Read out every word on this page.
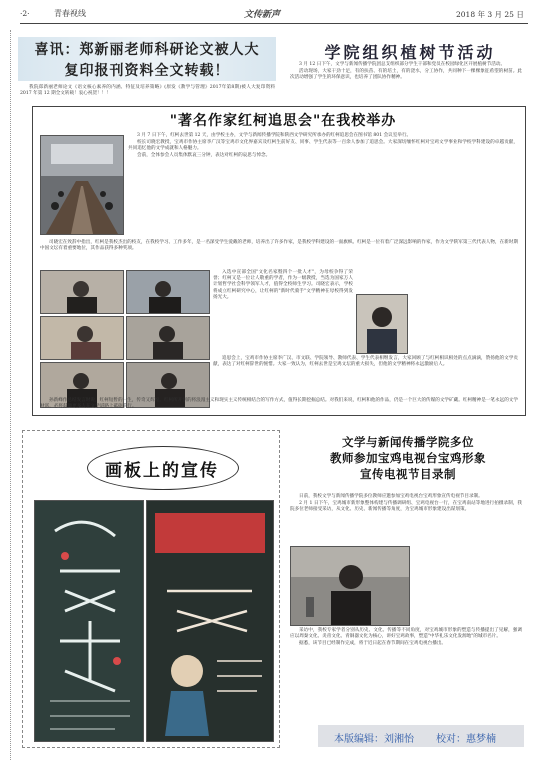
·2·	青春视线	文传新声	2018 年 3 月 25 日
喜讯：郑新丽老师科研论文被人大
复印报刊资料全文转载！

我院郑新丽老师论文《语文核心素养的内涵、特征及培养策略》(原发《教学与管理》2017年第8期)被人大复印资料 2017 年第 12 期全文转载！衷心祝贺！！！

学院组织植树节活动

3 月 12 日下午，文学与新闻传播学院团总支组织部分学生干部和党员在校园绿化区开展植树节活动。

活动现场，大家干劲十足，有的扶苗、有的培土，有的浇水，分工协作，共同种下一棵棵象征希望的树苗。此次活动增强了学生的环保意识，也培养了团队协作精神。

"著名作家红柯追思会"在我校举办

3 月 7 日下午，红柯去世第 12 天，由学校主办，文学与新闻传播学院和陕西文学研究所承办的红柯追思会在图书馆 801 会议室举行。

校长司晓宏教授，宝鸡市作协主席李广汉等宝鸡市文化界嘉宾及红柯生前好友、同事、学生代表等一百余人参加了追思会。大家深切缅怀红柯对宝鸡文学事业和学校学科建设的卓越贡献，共同追忆他的文学成就和人格魅力。

会前，全体参会人员集体默哀三分钟，表达对红柯的哀思与悼念。

司晓宏在致辞中指出，红柯是我校杰出的校友，在我校学习、工作多年，是一名深受学生爱戴的老师，培养出了许多作家，是我校学科建设的一面旗帜。红柯是一位有着广泛深远影响的作家，作为文学陕军第三代代表人物，在新时期中国文坛有着重要地位，其作品获得多种奖项。

入选中宣部全国"文化名家暨四个一批人才"，为母校争得了荣誉；红柯又是一位让人敬重的学者，作为一级教授，当选为国家万人计划哲学社会科学领军人才，值得全校师生学习。司晓宏表示，学校将成立红柯研究中心，让红柯的"新时代骑手"文学精神在母校得到发扬光大。

追思会上，宝鸡市作协主席李广汉、市文联、学院领导、教师代表、学生代表相继发言，大家回顾了与红柯相识相处的点点滴滴，赞扬他的文学贡献，表达了对红柯辞世的惋惜。大家一致认为，红柯去世是宝鸡文坛的重大损失，但他的文学精神将永远激励后人。

孙新峰作总结发言时说，红柯短暂的一生，传奇又辉煌。红柯所开创的将浪漫主义和现实主义传统相结合的写作方式，值得长期挖掘总结。对我们来说，红柯和他的作品，仍是一个巨大的传媒的文学矿藏。红柯精神是一笔永远的文学财富，必将鼓舞更多人在文学道路上砥砺前行。

画板上的宣传
文学与新闻传播学院多位
教师参加宝鸡电视台宝鸡形象
宣传电视节目录制

日前，我校文学与新闻传播学院多位教师应邀参加宝鸡电视台宝鸡形象宣传电视节目录制。

2 月 1 日下午，宝鸡城市新形象整体构建与传播调研组、宝鸡电视台一行，在宝鸡南站等地进行拍摄录制，我院多位老师接受采访，从文化、历史、新闻传播等角度，为宝鸡城市形象建设出谋划策。

采访中，我校专家学者分别从历史、文化、传播等不同角度，对宝鸡城市形象的塑造与传播提出了见解，强调应以周秦文化、炎帝文化、青铜器文化为核心，讲好宝鸡故事，塑造"中华礼乐文化发源地"的城市名片。

据悉，该节目已经制作完成，将于近日起在春节期间在宝鸡电视台播出。

本版编辑：刘湘怡 校对：惠梦楠
